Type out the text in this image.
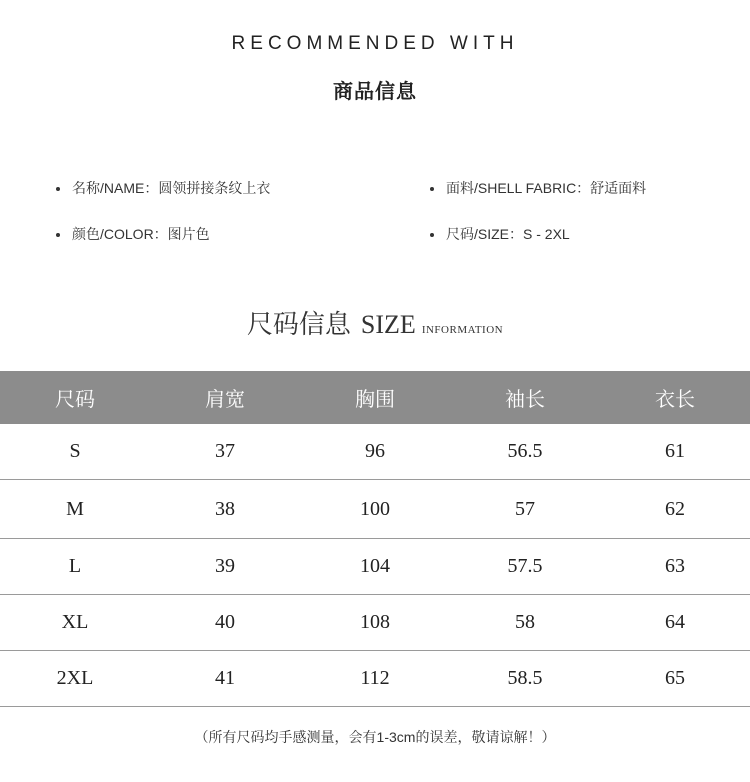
RECOMMENDED WITH
商品信息
名称/NAME：圆领拼接条纹上衣	面料/SHELL FABRIC：舒适面料
颜色/COLOR：图片色	尺码/SIZE：S - 2XL
尺码信息 SIZE INFORMATION
尺码	肩宽	胸围	袖长	衣长
S	37	96	56.5	61
M	38	100	57	62
L	39	104	57.5	63
XL	40	108	58	64
2XL	41	112	58.5	65
（所有尺码均手感测量，会有1-3cm的误差，敬请谅解！）
